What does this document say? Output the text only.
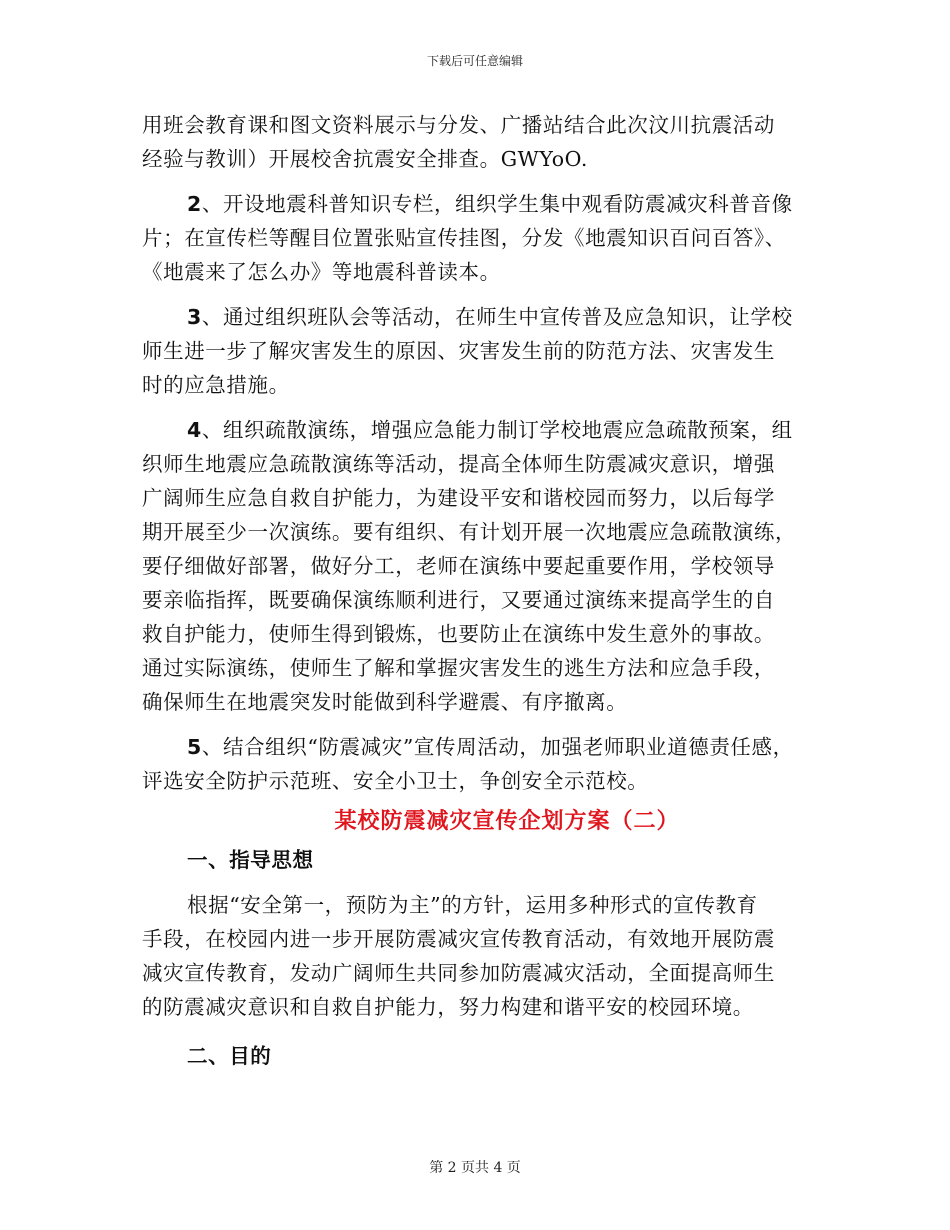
下载后可任意编辑
用班会教育课和图文资料展示与分发、广播站结合此次汶川抗震活动
经验与教训）开展校舍抗震安全排查。GWYoO.
2、开设地震科普知识专栏，组织学生集中观看防震减灾科普音像
片；在宣传栏等醒目位置张贴宣传挂图，分发《地震知识百问百答》、
《地震来了怎么办》等地震科普读本。
3、通过组织班队会等活动，在师生中宣传普及应急知识，让学校
师生进一步了解灾害发生的原因、灾害发生前的防范方法、灾害发生
时的应急措施。
4、组织疏散演练，增强应急能力制订学校地震应急疏散预案，组
织师生地震应急疏散演练等活动，提高全体师生防震减灾意识，增强
广阔师生应急自救自护能力，为建设平安和谐校园而努力，以后每学
期开展至少一次演练。要有组织、有计划开展一次地震应急疏散演练，
要仔细做好部署，做好分工，老师在演练中要起重要作用，学校领导
要亲临指挥，既要确保演练顺利进行，又要通过演练来提高学生的自
救自护能力，使师生得到锻炼，也要防止在演练中发生意外的事故。
通过实际演练，使师生了解和掌握灾害发生的逃生方法和应急手段，
确保师生在地震突发时能做到科学避震、有序撤离。
5、结合组织“防震减灾”宣传周活动，加强老师职业道德责任感，
评选安全防护示范班、安全小卫士，争创安全示范校。
某校防震减灾宣传企划方案（二）
一、指导思想
根据“安全第一，预防为主”的方针，运用多种形式的宣传教育
手段，在校园内进一步开展防震减灾宣传教育活动，有效地开展防震
减灾宣传教育，发动广阔师生共同参加防震减灾活动，全面提高师生
的防震减灾意识和自救自护能力，努力构建和谐平安的校园环境。
二、目的
第 2 页共 4 页
